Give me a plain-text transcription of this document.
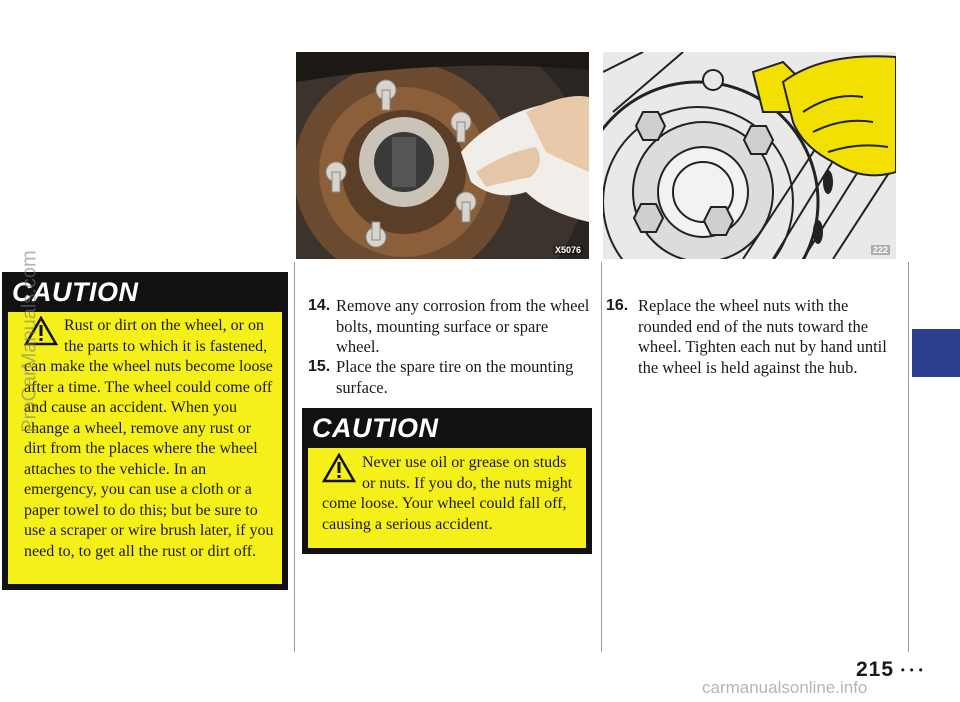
X5076	222
CAUTION
Rust or dirt on the wheel, or on the parts to which it is fastened, can make the wheel nuts become loose after a time. The wheel could come off and cause an accident. When you change a wheel, remove any rust or dirt from the places where the wheel attaches to the vehicle. In an emergency, you can use a cloth or a paper towel to do this; but be sure to use a scraper or wire brush later, if you need to, to get all the rust or dirt off.
14. Remove any corrosion from the wheel bolts, mounting surface or spare wheel.
15. Place the spare tire on the mounting surface.
CAUTION
Never use oil or grease on studs or nuts. If you do, the nuts might come loose. Your wheel could fall off, causing a serious accident.
16. Replace the wheel nuts with the rounded end of the nuts toward the wheel. Tighten each nut by hand until the wheel is held against the hub.
215 • • •
ProCarManuals.com
carmanualsonline.info
